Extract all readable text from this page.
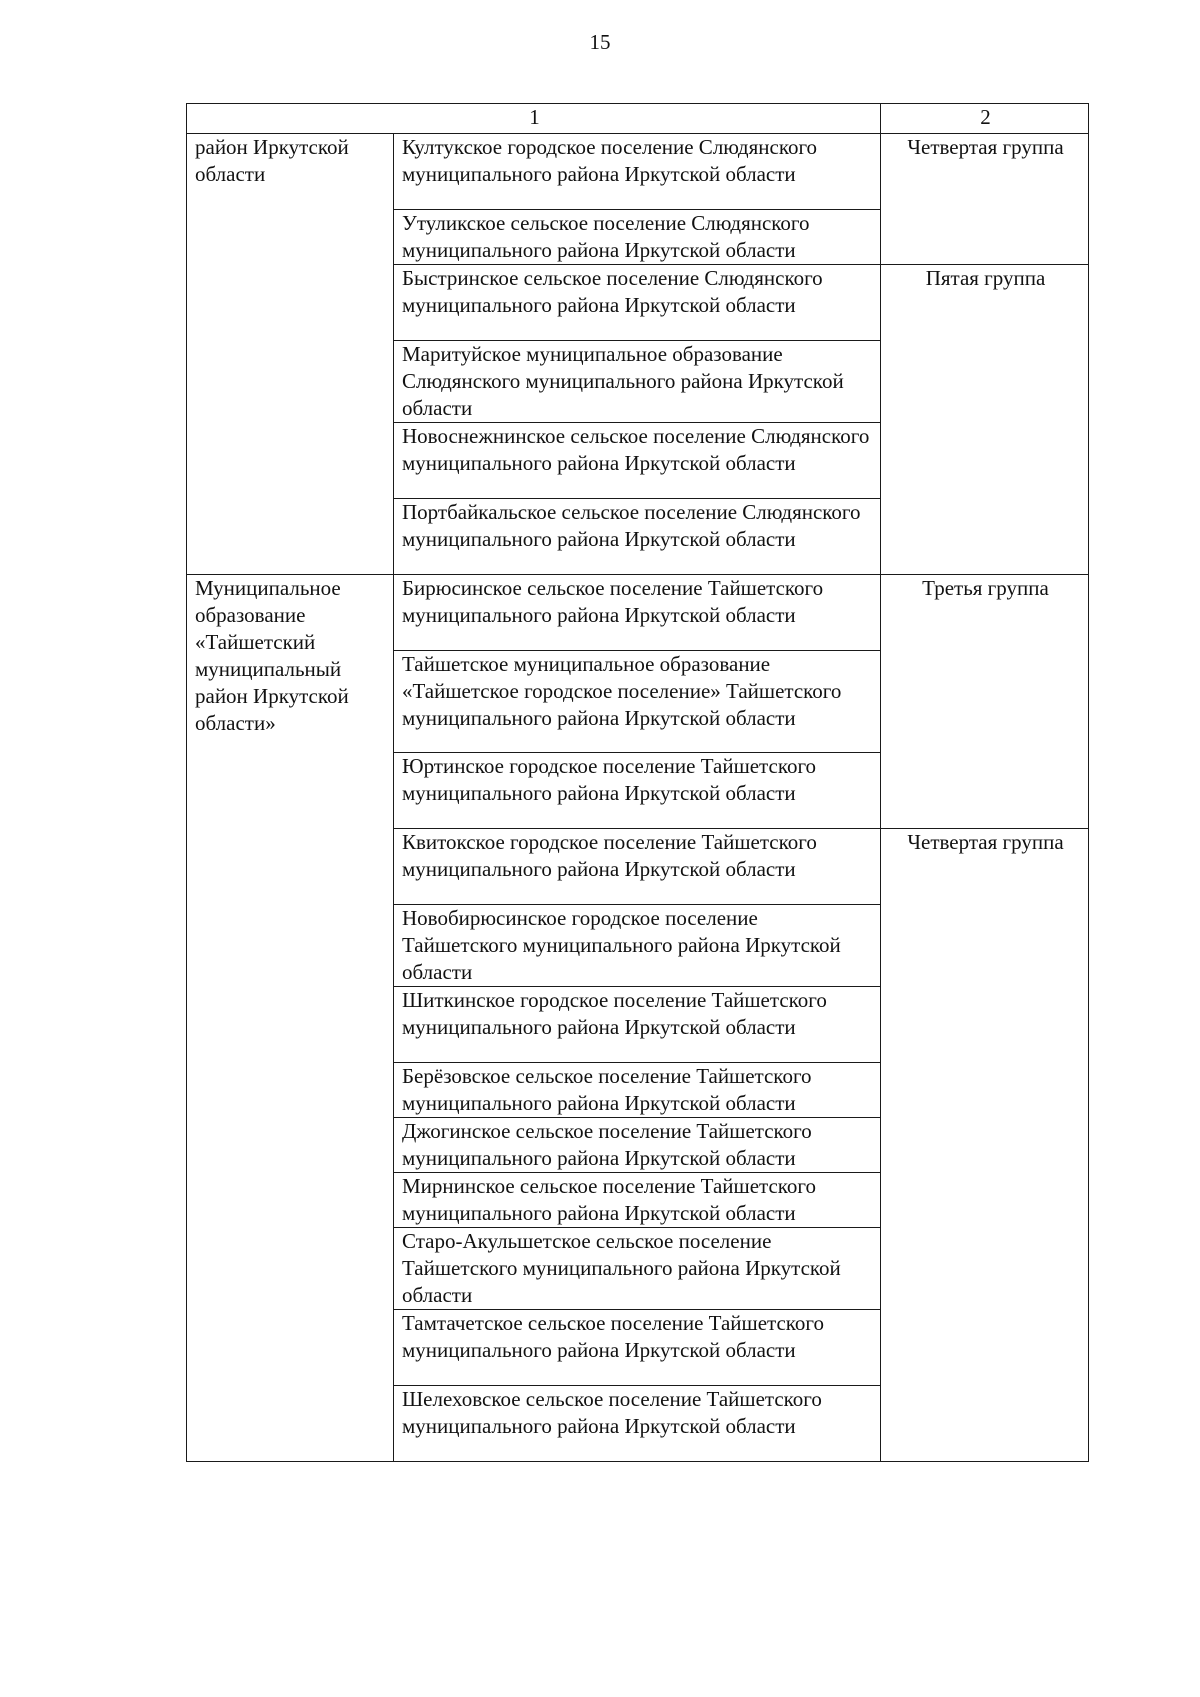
15
1		2
район Иркутской области	Култукское городское поселение Слюдянского муниципального района Иркутской области	Четвертая группа
	Утуликское сельское поселение Слюдянского муниципального района Иркутской области	
	Быстринское сельское поселение Слюдянского муниципального района Иркутской области	Пятая группа
	Маритуйское муниципальное образование Слюдянского муниципального района Иркутской области	
	Новоснежнинское сельское поселение Слюдянского муниципального района Иркутской области	
	Портбайкальское сельское поселение Слюдянского муниципального района Иркутской области	
Муниципальное образование «Тайшетский муниципальный район Иркутской области»	Бирюсинское сельское поселение Тайшетского муниципального района Иркутской области	Третья группа
	Тайшетское муниципальное образование «Тайшетское городское поселение» Тайшетского муниципального района Иркутской области	
	Юртинское городское поселение Тайшетского муниципального района Иркутской области	
	Квитокское городское поселение Тайшетского муниципального района Иркутской области	Четвертая группа
	Новобирюсинское городское поселение Тайшетского муниципального района Иркутской области	
	Шиткинское городское поселение Тайшетского муниципального района Иркутской области	
	Берёзовское сельское поселение Тайшетского муниципального района Иркутской области	
	Джогинское сельское поселение Тайшетского муниципального района Иркутской области	
	Мирнинское сельское поселение Тайшетского муниципального района Иркутской области	
	Старо-Акульшетское сельское поселение Тайшетского муниципального района Иркутской области	
	Тамтачетское сельское поселение Тайшетского муниципального района Иркутской области	
	Шелеховское сельское поселение Тайшетского муниципального района Иркутской области	
